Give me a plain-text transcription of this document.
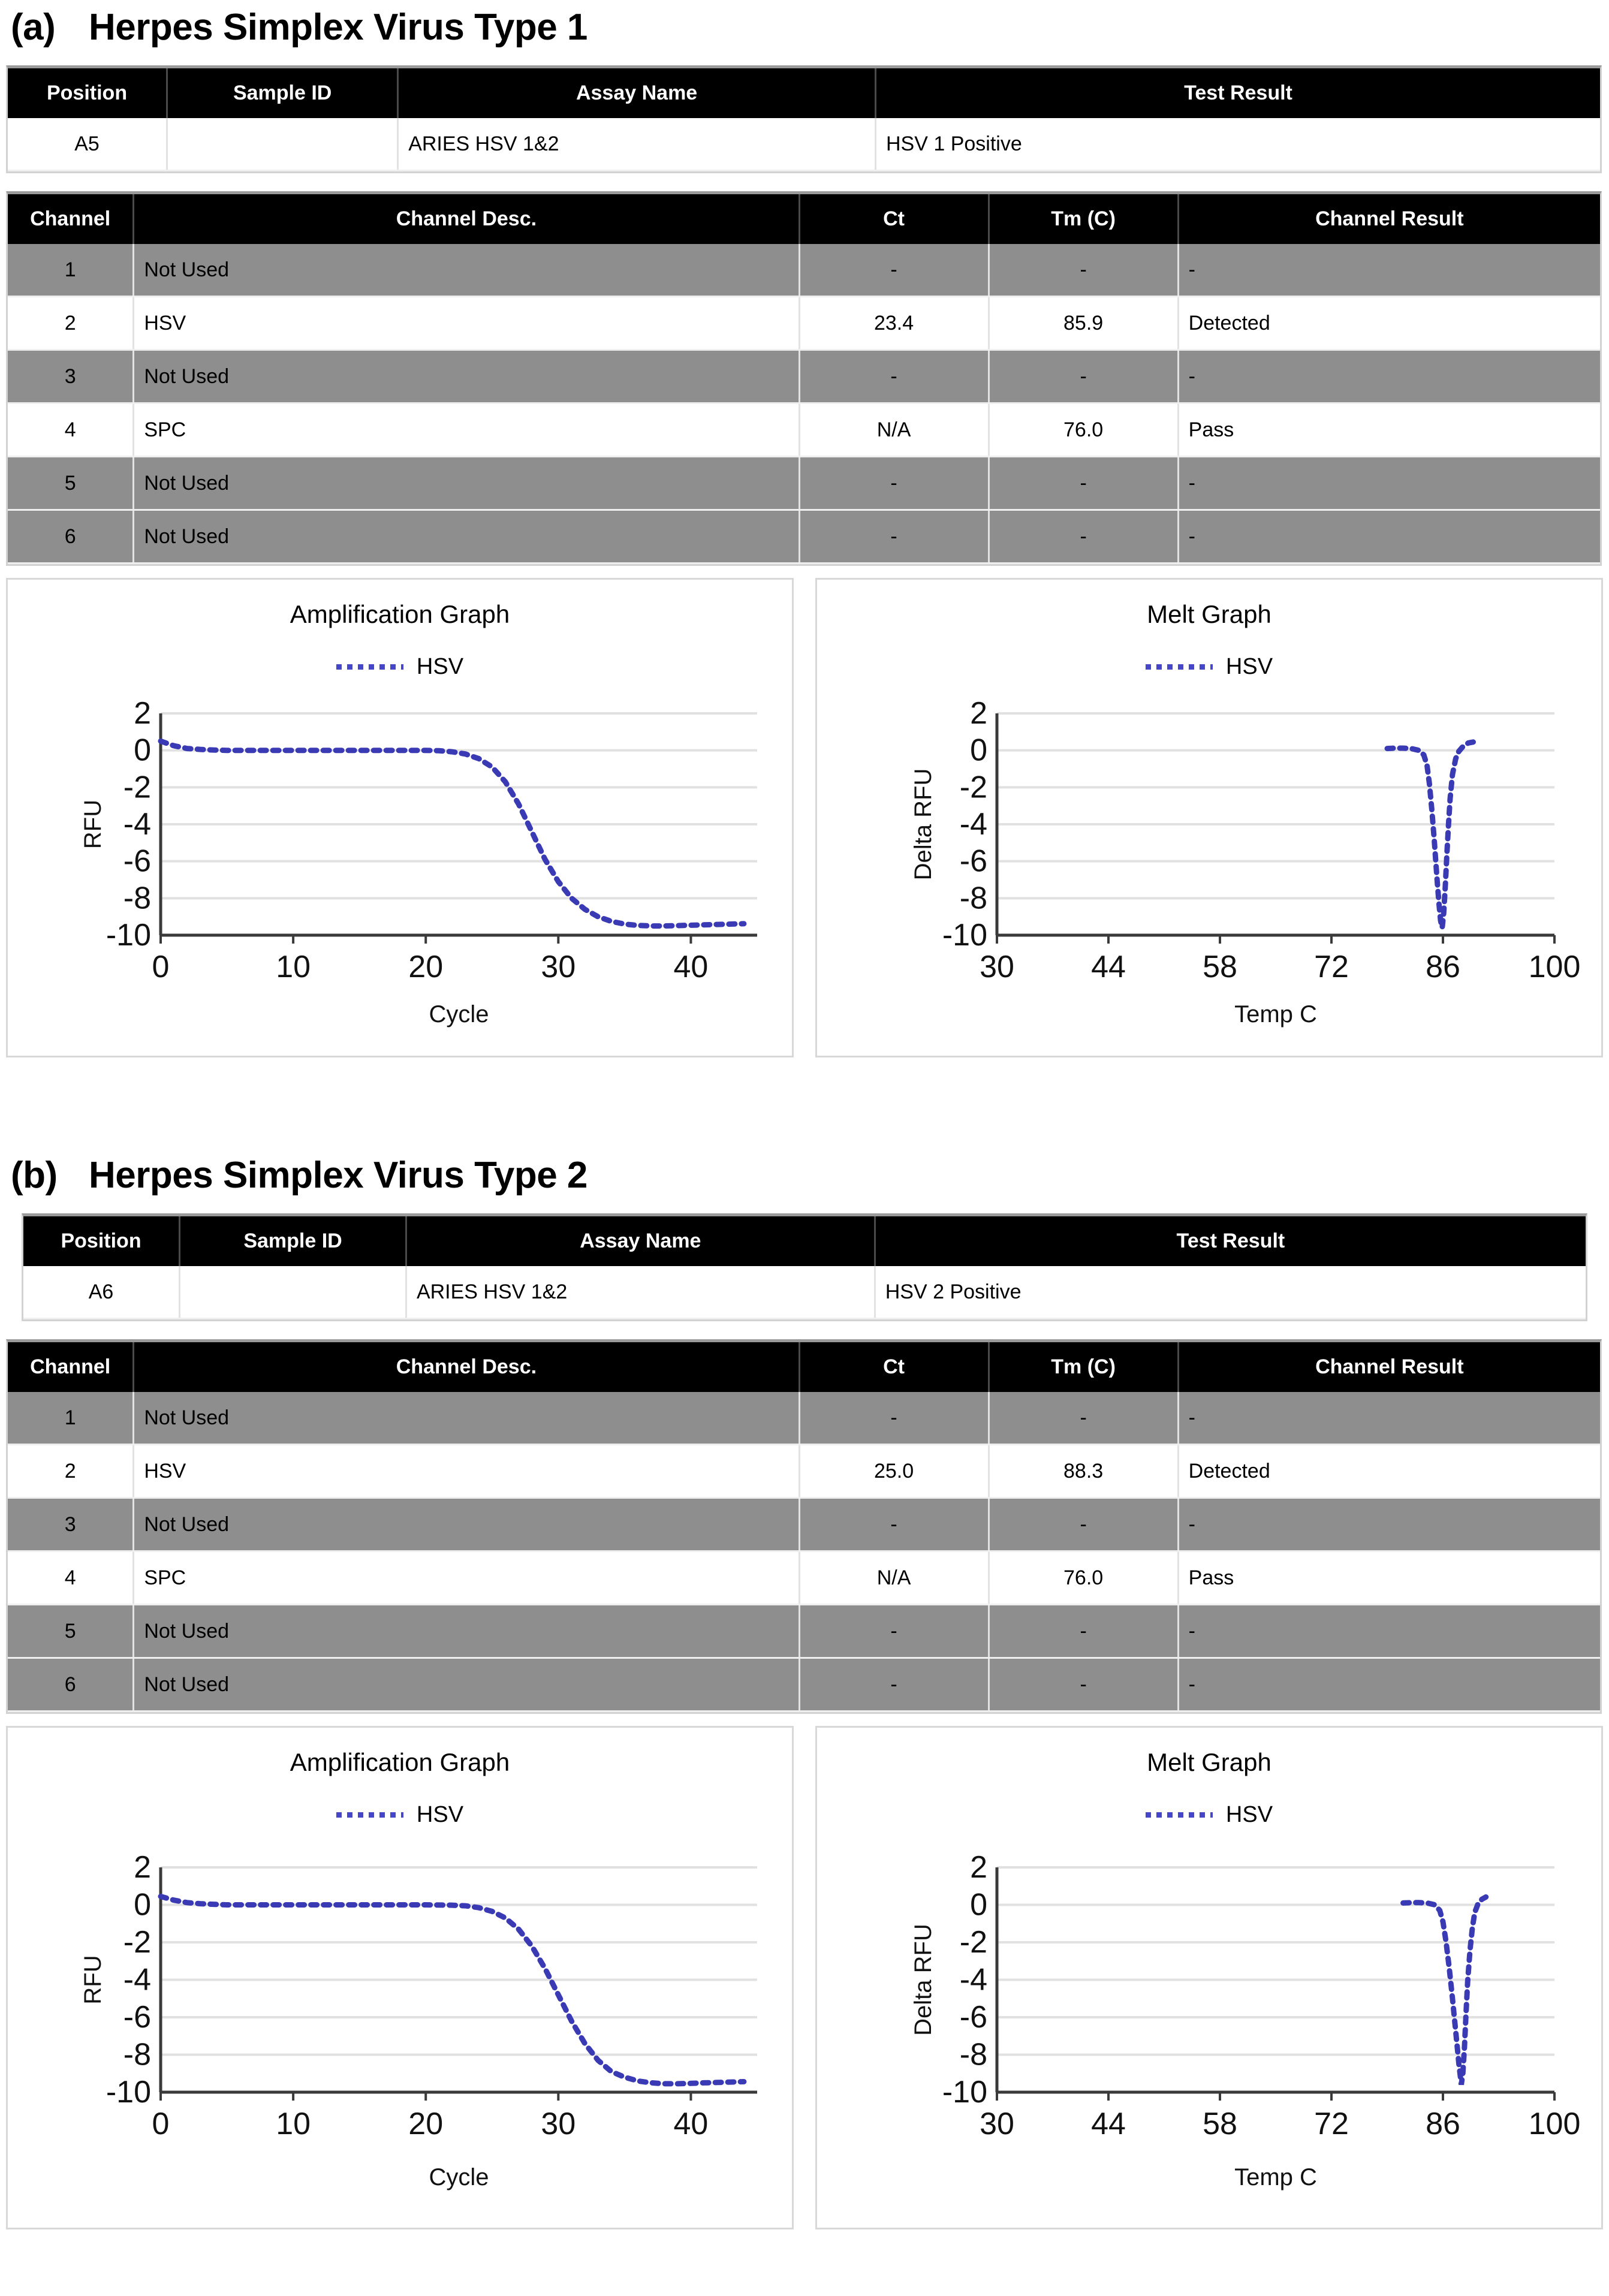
(a) Herpes Simplex Virus Type 1
Position	Sample ID	Assay Name	Test Result
A5		ARIES HSV 1&2	HSV 1 Positive
Channel	Channel Desc.	Ct	Tm (C)	Channel Result
1	Not Used	-	-	-
2	HSV	23.4	85.9	Detected
3	Not Used	-	-	-
4	SPC	N/A	76.0	Pass
5	Not Used	-	-	-
6	Not Used	-	-	-
Amplification Graph
HSV
2
0
-2
-4
-6
-8
-10
0	10	20	30	40
RFU
Cycle
Melt Graph
HSV
2
0
-2
-4
-6
-8
-10
30 44 58 72 86 100
Delta RFU
Temp C
(b) Herpes Simplex Virus Type 2
Position	Sample ID	Assay Name	Test Result
A6		ARIES HSV 1&2	HSV 2 Positive
Channel	Channel Desc.	Ct	Tm (C)	Channel Result
1	Not Used	-	-	-
2	HSV	25.0	88.3	Detected
3	Not Used	-	-	-
4	SPC	N/A	76.0	Pass
5	Not Used	-	-	-
6	Not Used	-	-	-
Amplification Graph
HSV
2
0
-2
-4
-6
-8
-10
0	10	20	30	40
RFU
Cycle
Melt Graph
HSV
2
0
-2
-4
-6
-8
-10
30 44 58 72 86 100
Delta RFU
Temp C
